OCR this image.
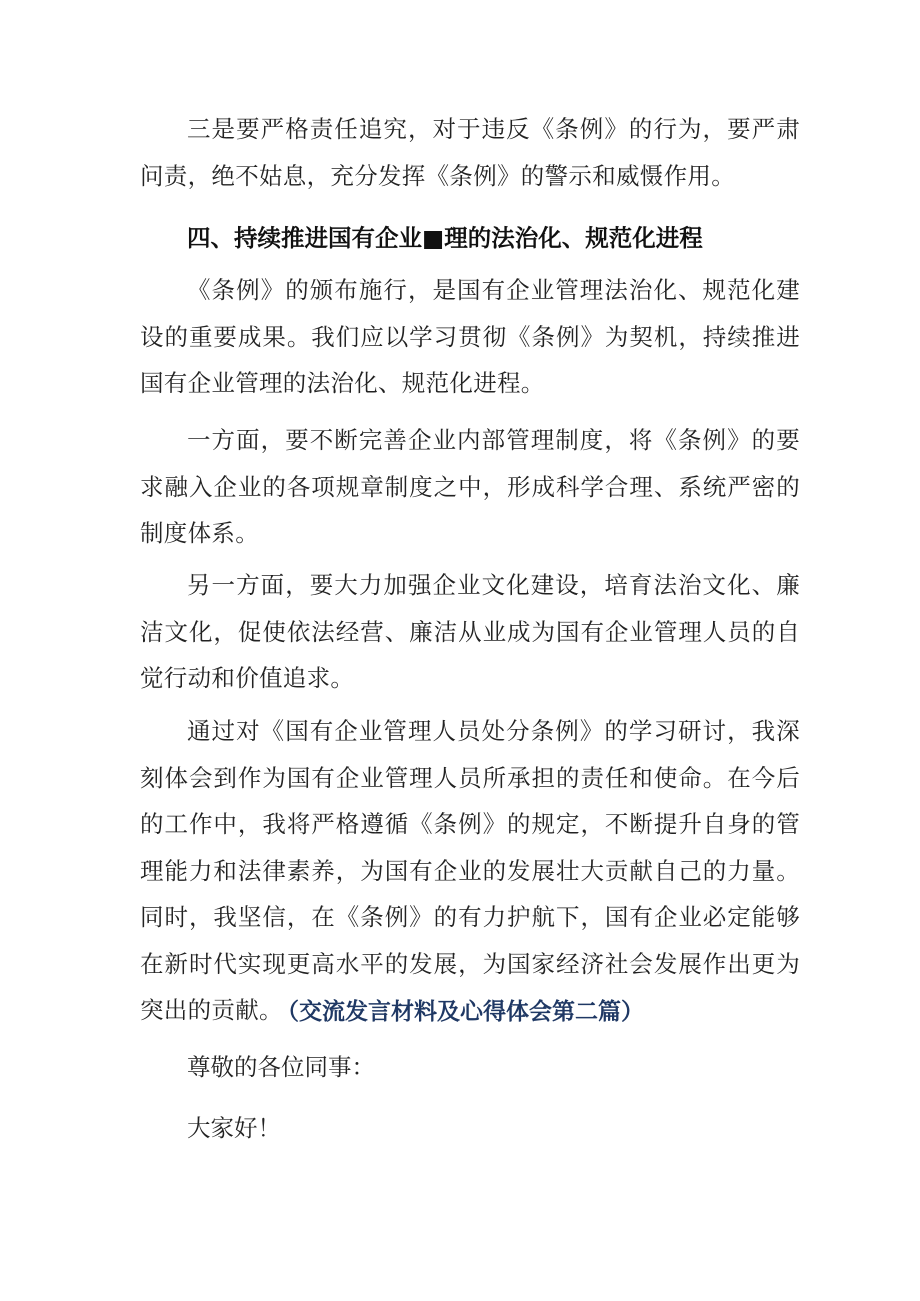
三是要严格责任追究，对于违反《条例》的行为，要严肃问责，绝不姑息，充分发挥《条例》的警示和威慑作用。

四、持续推进国有企业■理的法治化、规范化进程

《条例》的颁布施行，是国有企业管理法治化、规范化建设的重要成果。我们应以学习贯彻《条例》为契机，持续推进国有企业管理的法治化、规范化进程。

一方面，要不断完善企业内部管理制度，将《条例》的要求融入企业的各项规章制度之中，形成科学合理、系统严密的制度体系。

另一方面，要大力加强企业文化建设，培育法治文化、廉洁文化，促使依法经营、廉洁从业成为国有企业管理人员的自觉行动和价值追求。

通过对《国有企业管理人员处分条例》的学习研讨，我深刻体会到作为国有企业管理人员所承担的责任和使命。在今后的工作中，我将严格遵循《条例》的规定，不断提升自身的管理能力和法律素养，为国有企业的发展壮大贡献自己的力量。同时，我坚信，在《条例》的有力护航下，国有企业必定能够在新时代实现更高水平的发展，为国家经济社会发展作出更为突出的贡献。

（交流发言材料及心得体会第二篇）

尊敬的各位同事：

大家好！
